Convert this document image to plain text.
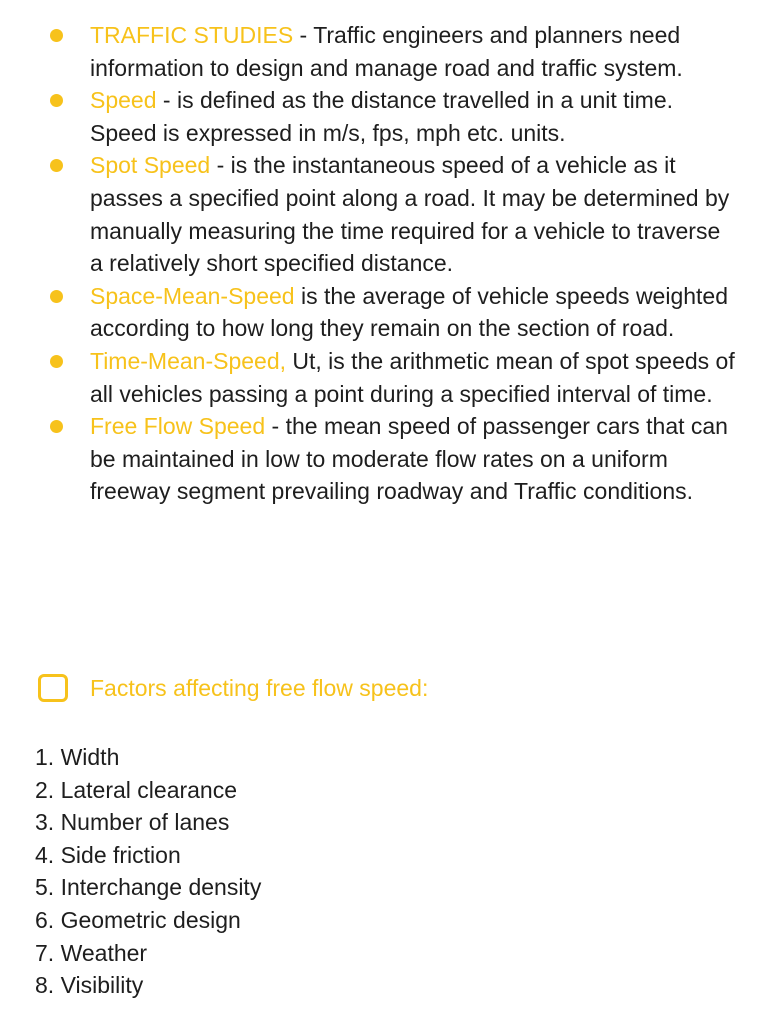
TRAFFIC STUDIES - Traffic engineers and planners need information to design and manage road and traffic system.
Speed - is defined as the distance travelled in a unit time. Speed is expressed in m/s, fps, mph etc. units.
Spot Speed - is the instantaneous speed of a vehicle as it passes a specified point along a road. It may be determined by manually measuring the time required for a vehicle to traverse a relatively short specified distance.
Space-Mean-Speed is the average of vehicle speeds weighted according to how long they remain on the section of road.
Time-Mean-Speed, Ut, is the arithmetic mean of spot speeds of all vehicles passing a point during a specified interval of time.
Free Flow Speed - the mean speed of passenger cars that can be maintained in low to moderate flow rates on a uniform freeway segment prevailing roadway and Traffic conditions.
Factors affecting free flow speed:
1. Width
2. Lateral clearance
3. Number of lanes
4. Side friction
5. Interchange density
6. Geometric design
7. Weather
8. Visibility
